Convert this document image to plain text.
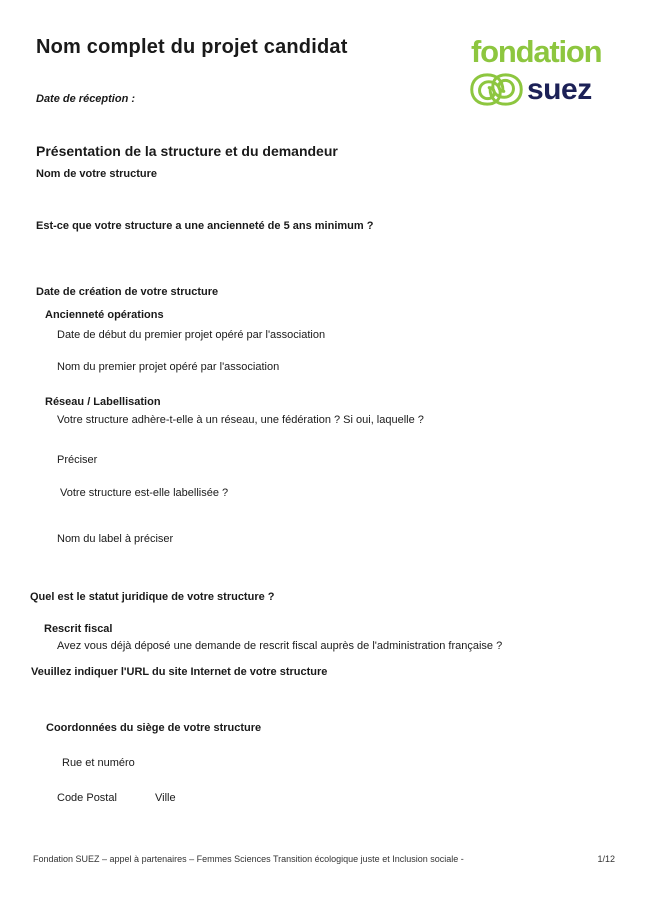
Nom complet du projet candidat	fondation
suez
Date de réception :
Présentation de la structure et du demandeur
Nom de votre structure
Est-ce que votre structure a une ancienneté de 5 ans minimum ?
Date de création de votre structure
Ancienneté opérations
Date de début du premier projet opéré par l'association
Nom du premier projet opéré par l'association
Réseau / Labellisation
Votre structure adhère-t-elle à un réseau, une fédération ? Si oui, laquelle ?
Préciser
Votre structure est-elle labellisée ?
Nom du label à préciser
Quel est le statut juridique de votre structure ?
Rescrit fiscal
Avez vous déjà déposé une demande de rescrit fiscal auprès de l'administration française ?
Veuillez indiquer l'URL du site Internet de votre structure
Coordonnées du siège de votre structure
Rue et numéro
Code Postal	Ville
Fondation SUEZ – appel à partenaires – Femmes Sciences Transition écologique juste et Inclusion sociale -	1/12
